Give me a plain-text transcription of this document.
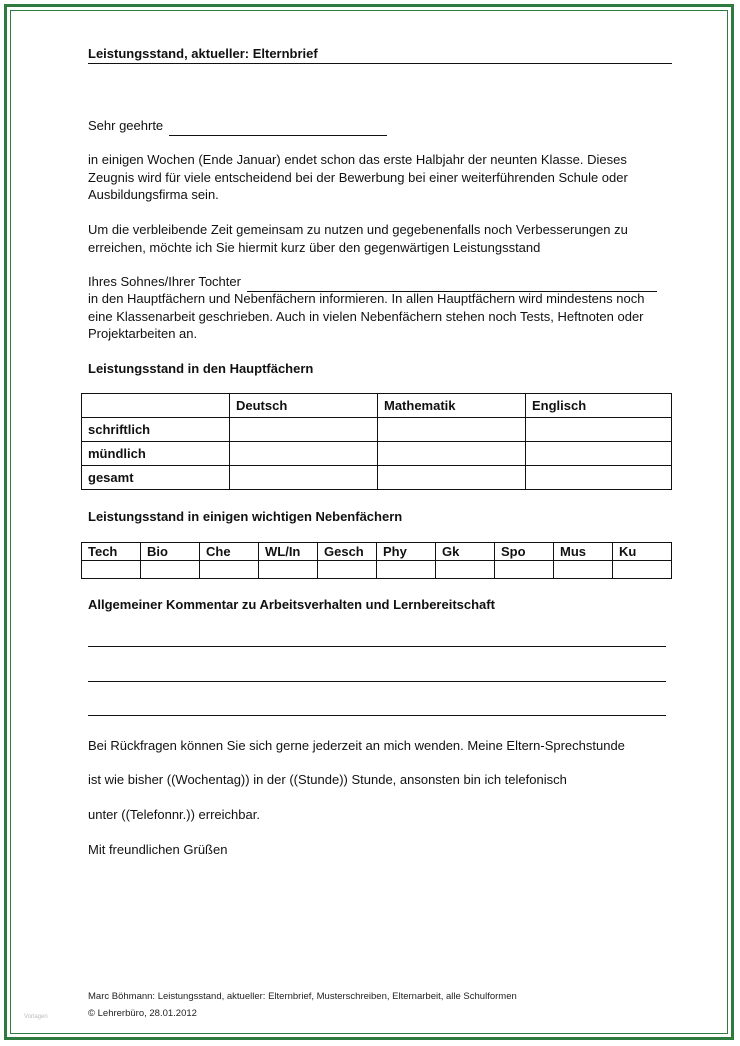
Leistungsstand, aktueller: Elternbrief
Sehr geehrte
in einigen Wochen (Ende Januar) endet schon das erste Halbjahr der neunten Klasse. Dieses Zeugnis wird für viele entscheidend bei der Bewerbung bei einer weiterführenden Schule oder Ausbildungsfirma sein.
Um die verbleibende Zeit gemeinsam zu nutzen und gegebenenfalls noch Verbesserungen zu erreichen, möchte ich Sie hiermit kurz über den gegenwärtigen Leistungsstand
Ihres Sohnes/Ihrer Tochter
in den Hauptfächern und Nebenfächern informieren. In allen Hauptfächern wird mindestens noch eine Klassenarbeit geschrieben. Auch in vielen Nebenfächern stehen noch Tests, Heftnoten oder Projektarbeiten an.
Leistungsstand in den Hauptfächern
	Deutsch	Mathematik	Englisch
schriftlich			
mündlich			
gesamt			
Leistungsstand in einigen wichtigen Nebenfächern
Tech	Bio	Che	WL/In	Gesch	Phy	Gk	Spo	Mus	Ku

Allgemeiner Kommentar zu Arbeitsverhalten und Lernbereitschaft
Bei Rückfragen können Sie sich gerne jederzeit an mich wenden. Meine Eltern-Sprechstunde
ist wie bisher ((Wochentag)) in der ((Stunde)) Stunde, ansonsten bin ich telefonisch
unter ((Telefonnr.)) erreichbar.
Mit freundlichen Grüßen
Marc Böhmann: Leistungsstand, aktueller: Elternbrief, Musterschreiben, Elternarbeit, alle Schulformen
© Lehrerbüro, 28.01.2012
Vorlagen
